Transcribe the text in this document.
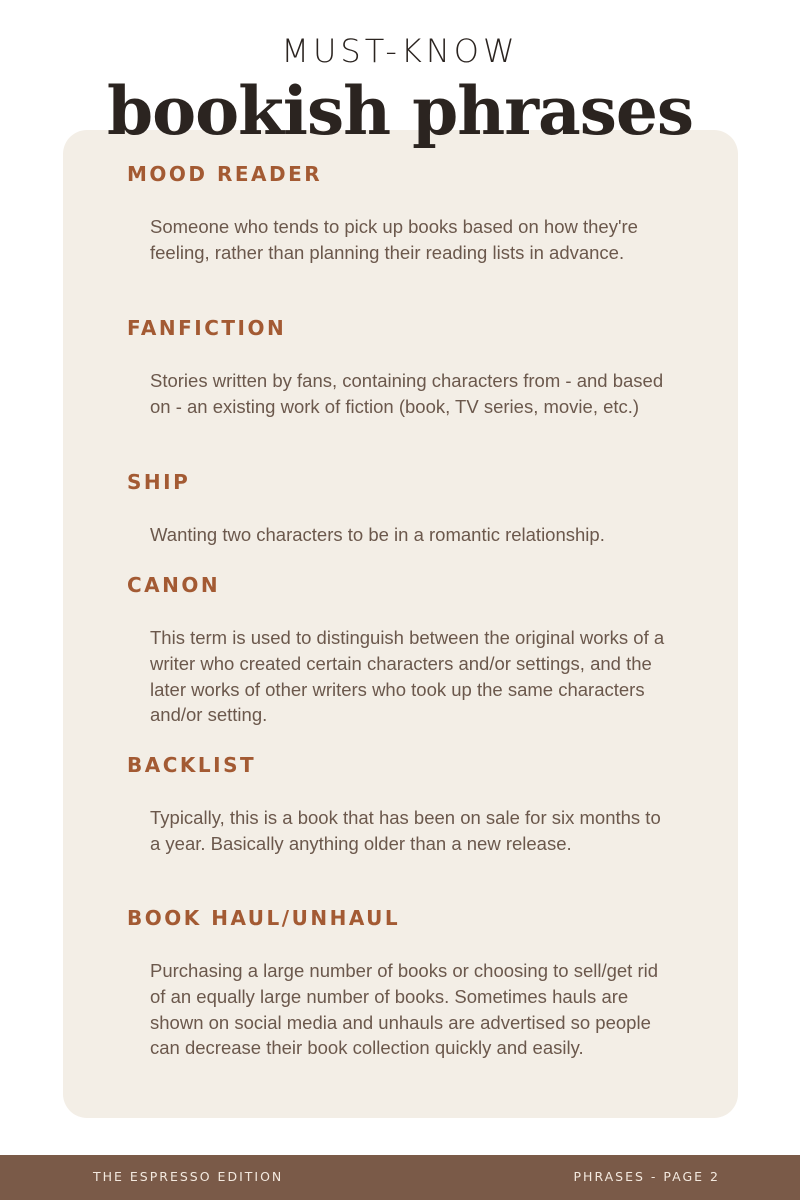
MUST-KNOW
bookish phrases
MOOD READER
Someone who tends to pick up books based on how they're feeling, rather than planning their reading lists in advance.
FANFICTION
Stories written by fans, containing characters from - and based on - an existing work of fiction (book, TV series, movie, etc.)
SHIP
Wanting two characters to be in a romantic relationship.
CANON
This term is used to distinguish between the original works of a writer who created certain characters and/or settings, and the later works of other writers who took up the same characters and/or setting.
BACKLIST
Typically, this is a book that has been on sale for six months to a year. Basically anything older than a new release.
BOOK HAUL/UNHAUL
Purchasing a large number of books or choosing to sell/get rid of an equally large number of books. Sometimes hauls are shown on social media and unhauls are advertised so people can decrease their book collection quickly and easily.
THE ESPRESSO EDITION	PHRASES - PAGE 2
